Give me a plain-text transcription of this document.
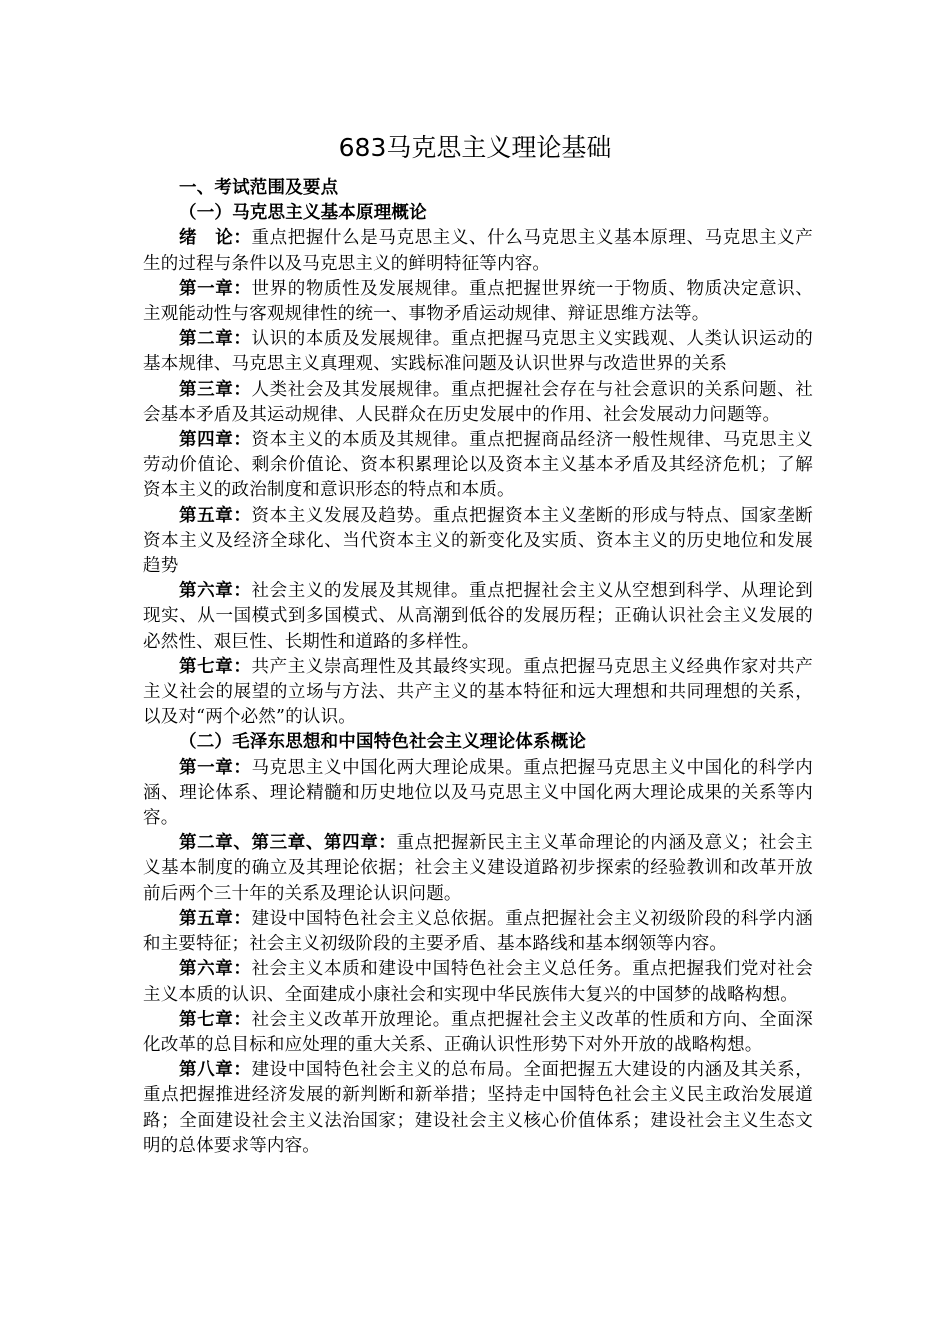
683马克思主义理论基础

一、考试范围及要点

（一）马克思主义基本原理概论

绪　论：重点把握什么是马克思主义、什么马克思主义基本原理、马克思主义产生的过程与条件以及马克思主义的鲜明特征等内容。

第一章：世界的物质性及发展规律。重点把握世界统一于物质、物质决定意识、主观能动性与客观规律性的统一、事物矛盾运动规律、辩证思维方法等。

第二章：认识的本质及发展规律。重点把握马克思主义实践观、人类认识运动的基本规律、马克思主义真理观、实践标准问题及认识世界与改造世界的关系

第三章：人类社会及其发展规律。重点把握社会存在与社会意识的关系问题、社会基本矛盾及其运动规律、人民群众在历史发展中的作用、社会发展动力问题等。

第四章：资本主义的本质及其规律。重点把握商品经济一般性规律、马克思主义劳动价值论、剩余价值论、资本积累理论以及资本主义基本矛盾及其经济危机；了解资本主义的政治制度和意识形态的特点和本质。

第五章：资本主义发展及趋势。重点把握资本主义垄断的形成与特点、国家垄断资本主义及经济全球化、当代资本主义的新变化及实质、资本主义的历史地位和发展趋势

第六章：社会主义的发展及其规律。重点把握社会主义从空想到科学、从理论到现实、从一国模式到多国模式、从高潮到低谷的发展历程；正确认识社会主义发展的必然性、艰巨性、长期性和道路的多样性。

第七章：共产主义崇高理性及其最终实现。重点把握马克思主义经典作家对共产主义社会的展望的立场与方法、共产主义的基本特征和远大理想和共同理想的关系，以及对“两个必然”的认识。

（二）毛泽东思想和中国特色社会主义理论体系概论

第一章：马克思主义中国化两大理论成果。重点把握马克思主义中国化的科学内涵、理论体系、理论精髓和历史地位以及马克思主义中国化两大理论成果的关系等内容。

第二章、第三章、第四章：重点把握新民主主义革命理论的内涵及意义；社会主义基本制度的确立及其理论依据；社会主义建设道路初步探索的经验教训和改革开放前后两个三十年的关系及理论认识问题。

第五章：建设中国特色社会主义总依据。重点把握社会主义初级阶段的科学内涵和主要特征；社会主义初级阶段的主要矛盾、基本路线和基本纲领等内容。

第六章：社会主义本质和建设中国特色社会主义总任务。重点把握我们党对社会主义本质的认识、全面建成小康社会和实现中华民族伟大复兴的中国梦的战略构想。

第七章：社会主义改革开放理论。重点把握社会主义改革的性质和方向、全面深化改革的总目标和应处理的重大关系、正确认识性形势下对外开放的战略构想。

第八章：建设中国特色社会主义的总布局。全面把握五大建设的内涵及其关系，重点把握推进经济发展的新判断和新举措；坚持走中国特色社会主义民主政治发展道路；全面建设社会主义法治国家；建设社会主义核心价值体系；建设社会主义生态文明的总体要求等内容。
